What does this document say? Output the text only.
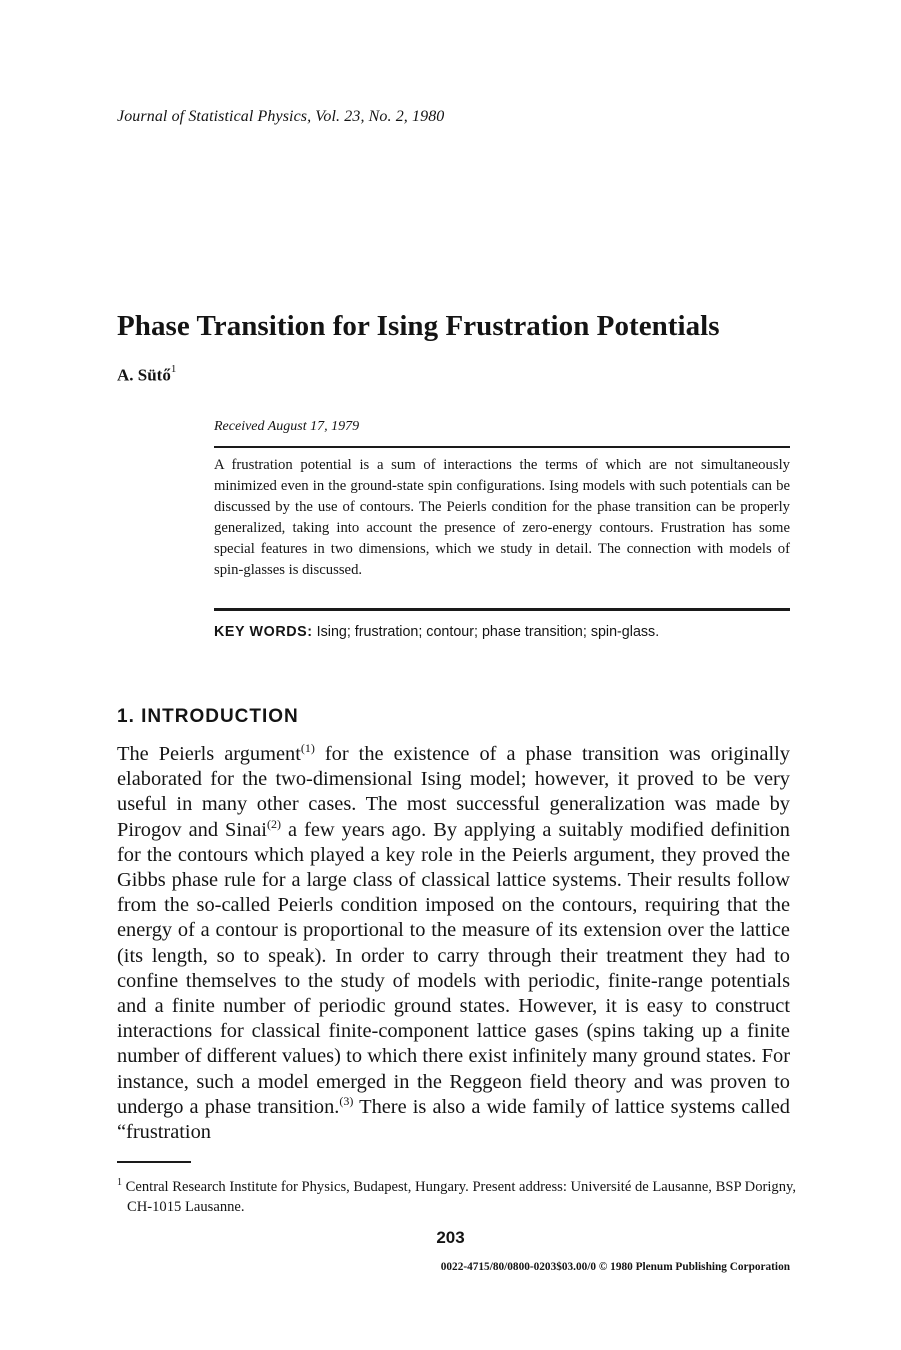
Journal of Statistical Physics, Vol. 23, No. 2, 1980
Phase Transition for Ising Frustration Potentials
A. Sütő$^1$
Received August 17, 1979

A frustration potential is a sum of interactions the terms of which are not simultaneously minimized even in the ground-state spin configurations. Ising models with such potentials can be discussed by the use of contours. The Peierls condition for the phase transition can be properly generalized, taking into account the presence of zero-energy contours. Frustration has some special features in two dimensions, which we study in detail. The connection with models of spin-glasses is discussed.

KEY WORDS: Ising; frustration; contour; phase transition; spin-glass.
1. INTRODUCTION

The Peierls argument$^{(1)}$ for the existence of a phase transition was originally elaborated for the two-dimensional Ising model; however, it proved to be very useful in many other cases. The most successful generalization was made by Pirogov and Sinai$^{(2)}$ a few years ago. By applying a suitably modified definition for the contours which played a key role in the Peierls argument, they proved the Gibbs phase rule for a large class of classical lattice systems. Their results follow from the so-called Peierls condition imposed on the contours, requiring that the energy of a contour is proportional to the measure of its extension over the lattice (its length, so to speak). In order to carry through their treatment they had to confine themselves to the study of models with periodic, finite-range potentials and a finite number of periodic ground states. However, it is easy to construct interactions for classical finite-component lattice gases (spins taking up a finite number of different values) to which there exist infinitely many ground states. For instance, such a model emerged in the Reggeon field theory and was proven to undergo a phase transition.$^{(3)}$ There is also a wide family of lattice systems called “frustration

$^1$ Central Research Institute for Physics, Budapest, Hungary. Present address: Université de Lausanne, BSP Dorigny, CH-1015 Lausanne.

203
0022-4715/80/0800-0203$03.00/0 © 1980 Plenum Publishing Corporation
